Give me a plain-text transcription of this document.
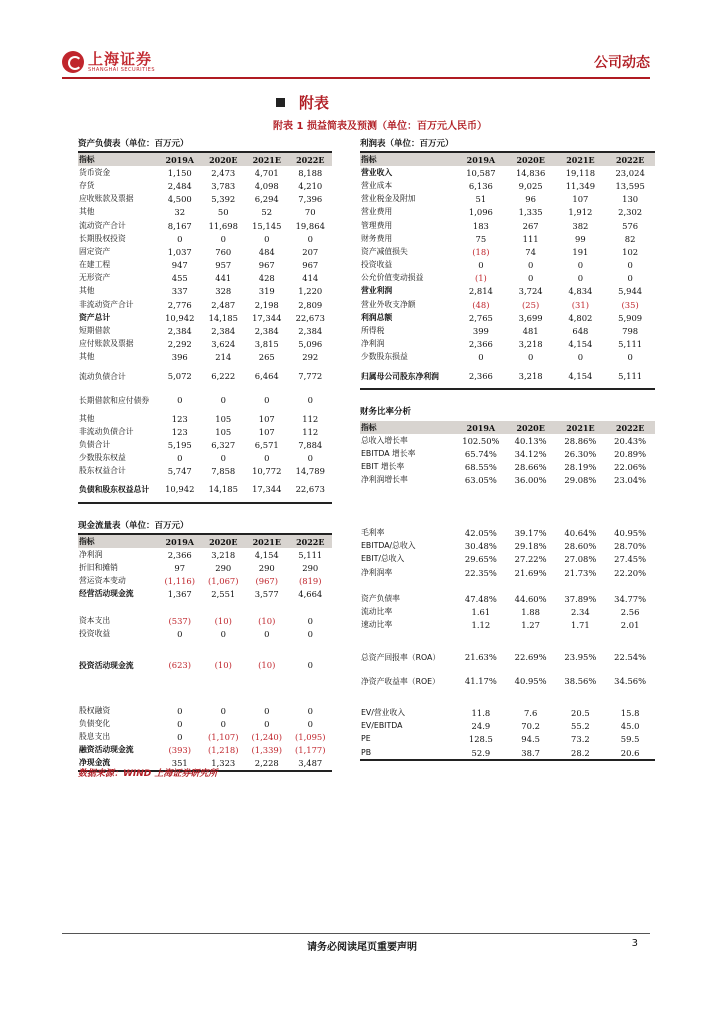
上海证券
SHANGHAI SECURITIES	公司动态
附表
附表 1 损益简表及预测（单位：百万元人民币）
资产负债表（单位：百万元）
指标	2019A	2020E	2021E	2022E
货币资金	1,150	2,473	4,701	8,188
存货	2,484	3,783	4,098	4,210
应收账款及票据	4,500	5,392	6,294	7,396
其他	32	50	52	70
流动资产合计	8,167	11,698	15,145	19,864
长期股权投资	0	0	0	0
固定资产	1,037	760	484	207
在建工程	947	957	967	967
无形资产	455	441	428	414
其他	337	328	319	1,220
非流动资产合计	2,776	2,487	2,198	2,809
资产总计	10,942	14,185	17,344	22,673
短期借款	2,384	2,384	2,384	2,384
应付账款及票据	2,292	3,624	3,815	5,096
其他	396	214	265	292
流动负债合计	5,072	6,222	6,464	7,772
长期借款和应付债券	0	0	0	0
其他	123	105	107	112
非流动负债合计	123	105	107	112
负债合计	5,195	6,327	6,571	7,884
少数股东权益	0	0	0	0
股东权益合计	5,747	7,858	10,772	14,789
负债和股东权益总计	10,942	14,185	17,344	22,673
现金流量表（单位：百万元）
指标	2019A	2020E	2021E	2022E
净利润	2,366	3,218	4,154	5,111
折旧和摊销	97	290	290	290
营运资本变动	(1,116)	(1,067)	(967)	(819)
经营活动现金流	1,367	2,551	3,577	4,664

资本支出	(537)	(10)	(10)	0
投资收益	0	0	0	0

投资活动现金流	(623)	(10)	(10)	0

股权融资	0	0	0	0
负债变化	0	0	0	0
股息支出	0	(1,107)	(1,240)	(1,095)
融资活动现金流	(393)	(1,218)	(1,339)	(1,177)
净现金流	351	1,323	2,228	3,487
利润表（单位：百万元）
指标	2019A	2020E	2021E	2022E
营业收入	10,587	14,836	19,118	23,024
营业成本	6,136	9,025	11,349	13,595
营业税金及附加	51	96	107	130
营业费用	1,096	1,335	1,912	2,302
管理费用	183	267	382	576
财务费用	75	111	99	82
资产减值损失	(18)	74	191	102
投资收益	0	0	0	0
公允价值变动损益	(1)	0	0	0
营业利润	2,814	3,724	4,834	5,944
营业外收支净额	(48)	(25)	(31)	(35)
利润总额	2,765	3,699	4,802	5,909
所得税	399	481	648	798
净利润	2,366	3,218	4,154	5,111
少数股东损益	0	0	0	0
归属母公司股东净利润	2,366	3,218	4,154	5,111
财务比率分析
指标	2019A	2020E	2021E	2022E
总收入增长率	102.50%	40.13%	28.86%	20.43%
EBITDA 增长率	65.74%	34.12%	26.30%	20.89%
EBIT 增长率	68.55%	28.66%	28.19%	22.06%
净利润增长率	63.05%	36.00%	29.08%	23.04%

毛利率	42.05%	39.17%	40.64%	40.95%
EBITDA/总收入	30.48%	29.18%	28.60%	28.70%
EBIT/总收入	29.65%	27.22%	27.08%	27.45%
净利润率	22.35%	21.69%	21.73%	22.20%

资产负债率	47.48%	44.60%	37.89%	34.77%
流动比率	1.61	1.88	2.34	2.56
速动比率	1.12	1.27	1.71	2.01

总资产回报率（ROA）	21.63%	22.69%	23.95%	22.54%
净资产收益率（ROE）	41.17%	40.95%	38.56%	34.56%

EV/营业收入	11.8	7.6	20.5	15.8
EV/EBITDA	24.9	70.2	55.2	45.0
PE	128.5	94.5	73.2	59.5
PB	52.9	38.7	28.2	20.6
数据来源：WIND 上海证券研究所
请务必阅读尾页重要声明	3
